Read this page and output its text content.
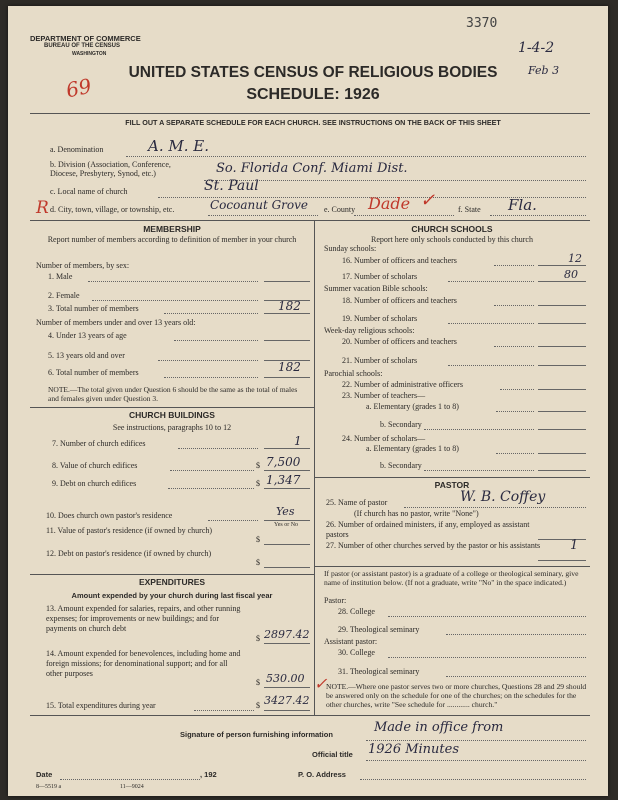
DEPARTMENT OF COMMERCE
BUREAU OF THE CENSUS
WASHINGTON
3370
1-4-2
Feb 3
69
UNITED STATES CENSUS OF RELIGIOUS BODIES
SCHEDULE: 1926
FILL OUT A SEPARATE SCHEDULE FOR EACH CHURCH. SEE INSTRUCTIONS ON THE BACK OF THIS SHEET
R
a. Denomination	A. M. E.
b. Division (Association, Conference, Diocese, Presbytery, Synod, etc.)	So. Florida Conf. Miami Dist.
c. Local name of church	St. Paul
d. City, town, village, or township, etc.	Cocoanut Grove e. County Dade ✓	f. State Fla.
MEMBERSHIP
Report number of members according to definition of member in your church
Number of members, by sex:
1. Male
2. Female
3. Total number of members	182
Number of members under and over 13 years old:
4. Under 13 years of age
5. 13 years old and over
6. Total number of members	182
NOTE.—The total given under Question 6 should be the same as the total of males and females given under Question 3.
CHURCH BUILDINGS
See instructions, paragraphs 10 to 12
7. Number of church edifices	1
8. Value of church edifices	$ 7,500
9. Debt on church edifices	$ 1,347
10. Does church own pastor's residence	Yes
Yes or No
11. Value of pastor's residence (if owned by church)
$
12. Debt on pastor's residence (if owned by church)
$
EXPENDITURES
Amount expended by your church during last fiscal year
13. Amount expended for salaries, repairs, and other running expenses; for improvements or new buildings; and for payments on church debt
$ 2897.42
14. Amount expended for benevolences, including home and foreign missions; for denominational support; and for all other purposes
$ 530.00
15. Total expenditures during year	$ 3427.42
CHURCH SCHOOLS
Report here only schools conducted by this church
Sunday schools:
16. Number of officers and teachers	12
17. Number of scholars	80
Summer vacation Bible schools:
18. Number of officers and teachers
19. Number of scholars
Week-day religious schools:
20. Number of officers and teachers
21. Number of scholars
Parochial schools:
22. Number of administrative officers
23. Number of teachers—
a. Elementary (grades 1 to 8)
b. Secondary
24. Number of scholars—
a. Elementary (grades 1 to 8)
b. Secondary
PASTOR
25. Name of pastor	W. B. Coffey
(If church has no pastor, write "None")
26. Number of ordained ministers, if any, employed as assistant pastors
27. Number of other churches served by the pastor or his assistants 1
If pastor (or assistant pastor) is a graduate of a college or theological seminary, give name of institution below. (If not a graduate, write "No" in the space indicated.)
Pastor:
28. College
29. Theological seminary
Assistant pastor:
30. College
31. Theological seminary
✓
NOTE.—Where one pastor serves two or more churches, Questions 28 and 29 should be answered only on the schedule for one of the churches; on the schedules for the other churches, write "See schedule for ............ church."
Signature of person furnishing information	Made in office from
Official title 1926 Minutes
Date	, 192	P. O. Address
8—5519 a	11—9024
